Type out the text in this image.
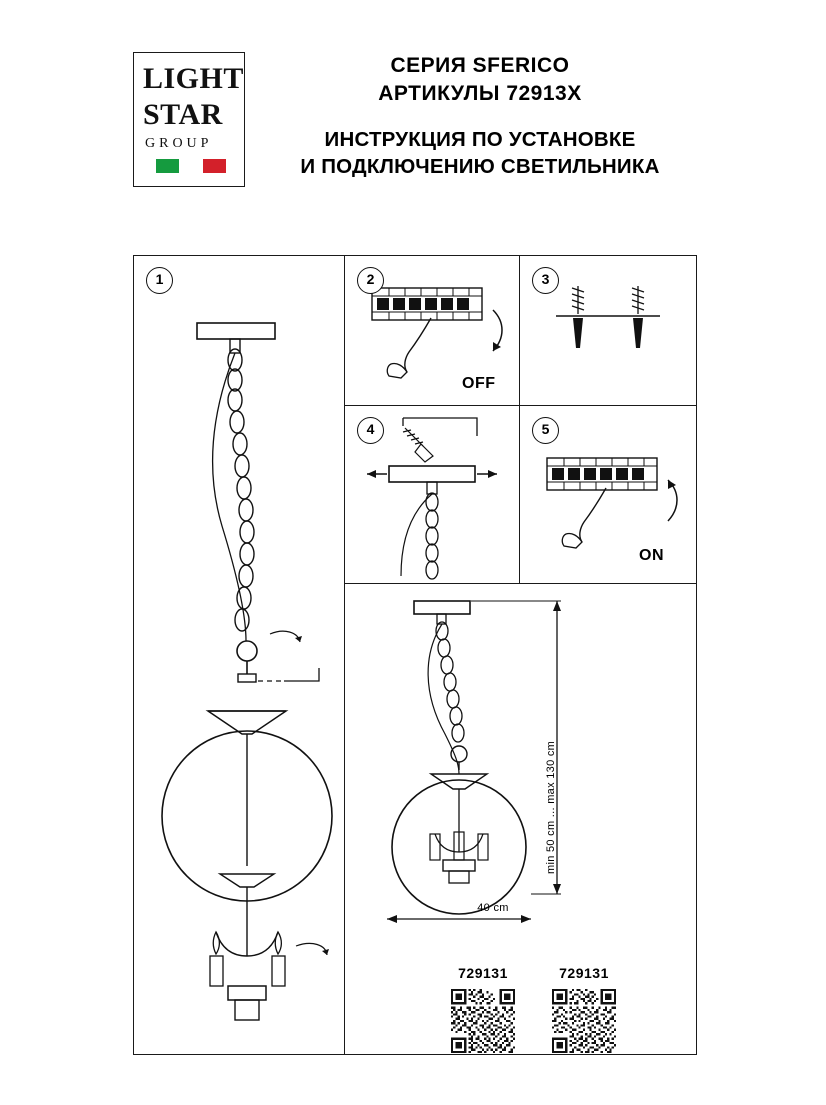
LIGHT
STAR
GROUP
СЕРИЯ SFERICO
АРТИКУЛЫ 72913X
ИНСТРУКЦИЯ ПО УСТАНОВКЕ
И ПОДКЛЮЧЕНИЮ СВЕТИЛЬНИКА
1	2
OFF
3
4	5
ON
min 50 cm ... max 130 cm
40 cm
729131	729131
